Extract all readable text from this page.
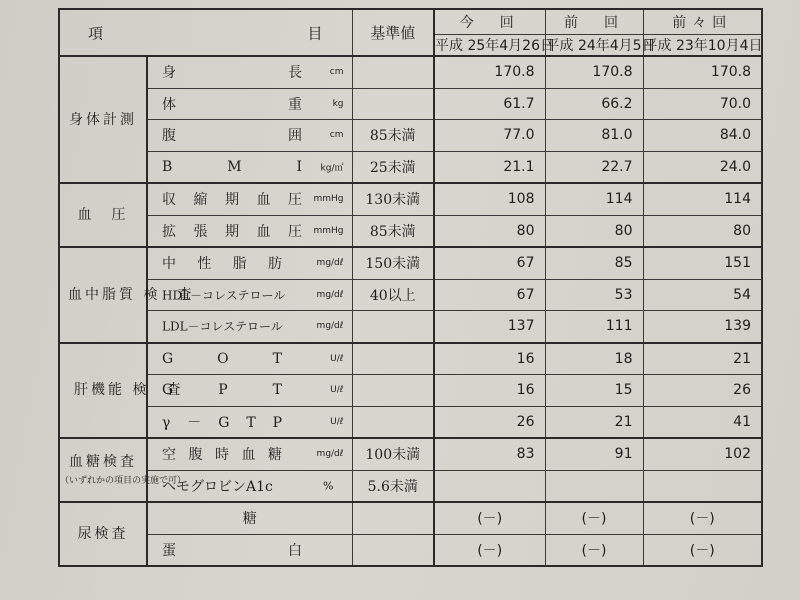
項 目		基準値	今　回	前　回	前々回
			平成 25年4月26日	平成 24年4月5日	平成 23年10月4日
身体計測	身　長 cm		170.8	170.8	170.8

	体　重 kg		61.7	66.2	70.0

	腹　囲 cm	85未満	77.0	81.0	84.0

	B M I kg/㎡	25未満	21.1	22.7	24.0
血　圧	収縮期血圧 mmHg	130未満	108	114	114

	拡張期血圧 mmHg	85未満	80	80	80
血中脂質 検　査	中性脂肪 mg/dℓ	150未満	67	85	151

	HDL－コレステロール mg/dℓ	40以上	67	53	54

	LDL－コレステロール mg/dℓ		137	111	139
肝機能 検　査	G O T U/ℓ		16	18	21

	G P T U/ℓ		16	15	26

	γ － G T P U/ℓ		26	21	41
血糖検査
（いずれかの項目の実施で可）	空腹時血糖 mg/dℓ	100未満	83	91	102

	ヘモグロビンA1c %	5.6未満			
尿検査	糖		(－)	(－)	(－)

	蛋　白		(－)	(－)	(－)
